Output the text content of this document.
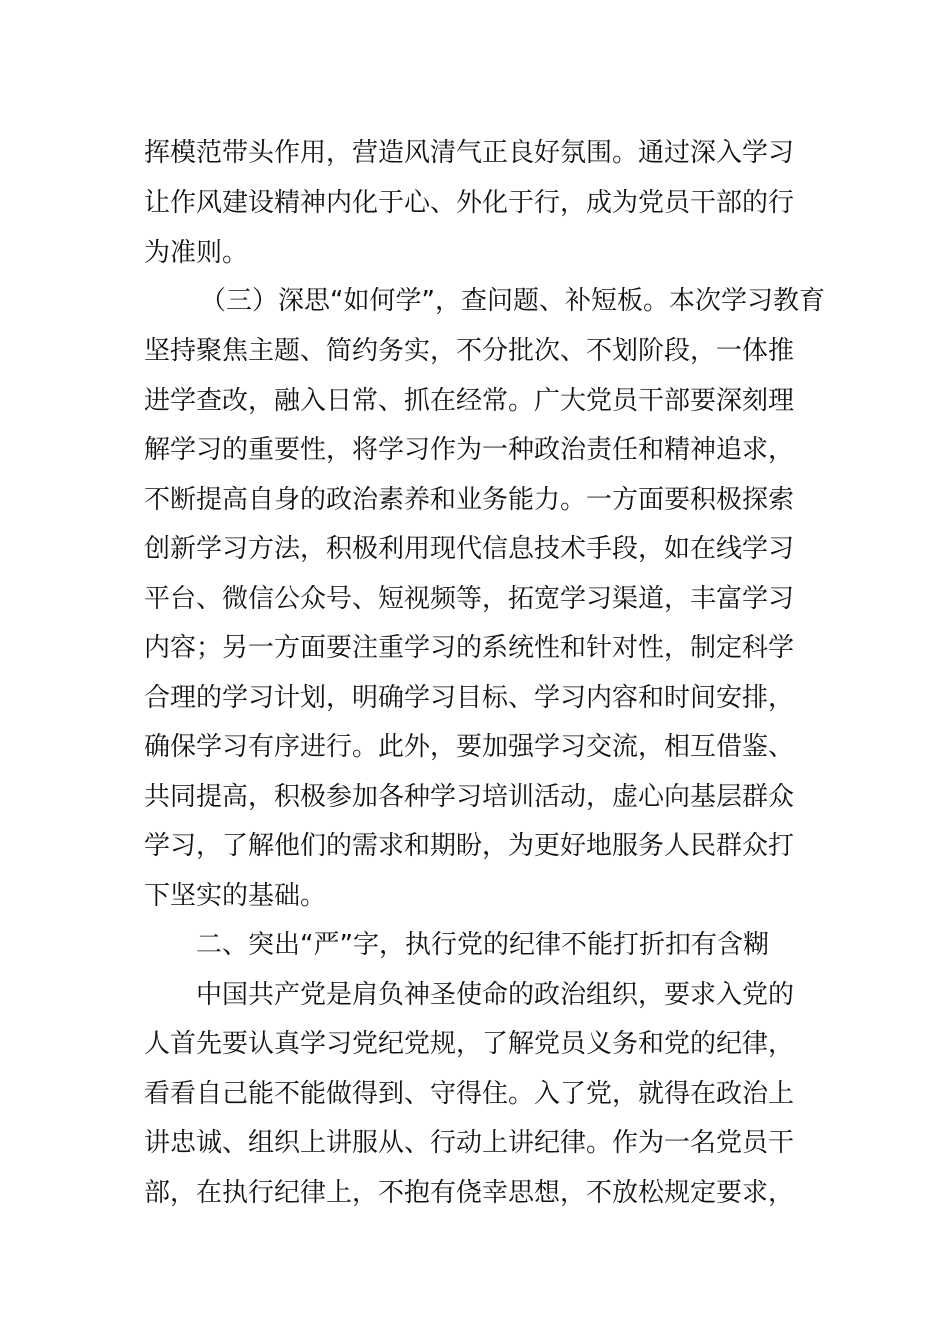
挥模范带头作用，营造风清气正良好氛围。通过深入学习
让作风建设精神内化于心、外化于行，成为党员干部的行
为准则。
（三）深思“如何学”，查问题、补短板。本次学习教育
坚持聚焦主题、简约务实，不分批次、不划阶段，一体推
进学查改，融入日常、抓在经常。广大党员干部要深刻理
解学习的重要性，将学习作为一种政治责任和精神追求，
不断提高自身的政治素养和业务能力。一方面要积极探索
创新学习方法，积极利用现代信息技术手段，如在线学习
平台、微信公众号、短视频等，拓宽学习渠道，丰富学习
内容；另一方面要注重学习的系统性和针对性，制定科学
合理的学习计划，明确学习目标、学习内容和时间安排，
确保学习有序进行。此外，要加强学习交流，相互借鉴、
共同提高，积极参加各种学习培训活动，虚心向基层群众
学习，了解他们的需求和期盼，为更好地服务人民群众打
下坚实的基础。
二、突出“严”字，执行党的纪律不能打折扣有含糊
中国共产党是肩负神圣使命的政治组织，要求入党的
人首先要认真学习党纪党规，了解党员义务和党的纪律，
看看自己能不能做得到、守得住。入了党，就得在政治上
讲忠诚、组织上讲服从、行动上讲纪律。作为一名党员干
部，在执行纪律上，不抱有侥幸思想，不放松规定要求，
